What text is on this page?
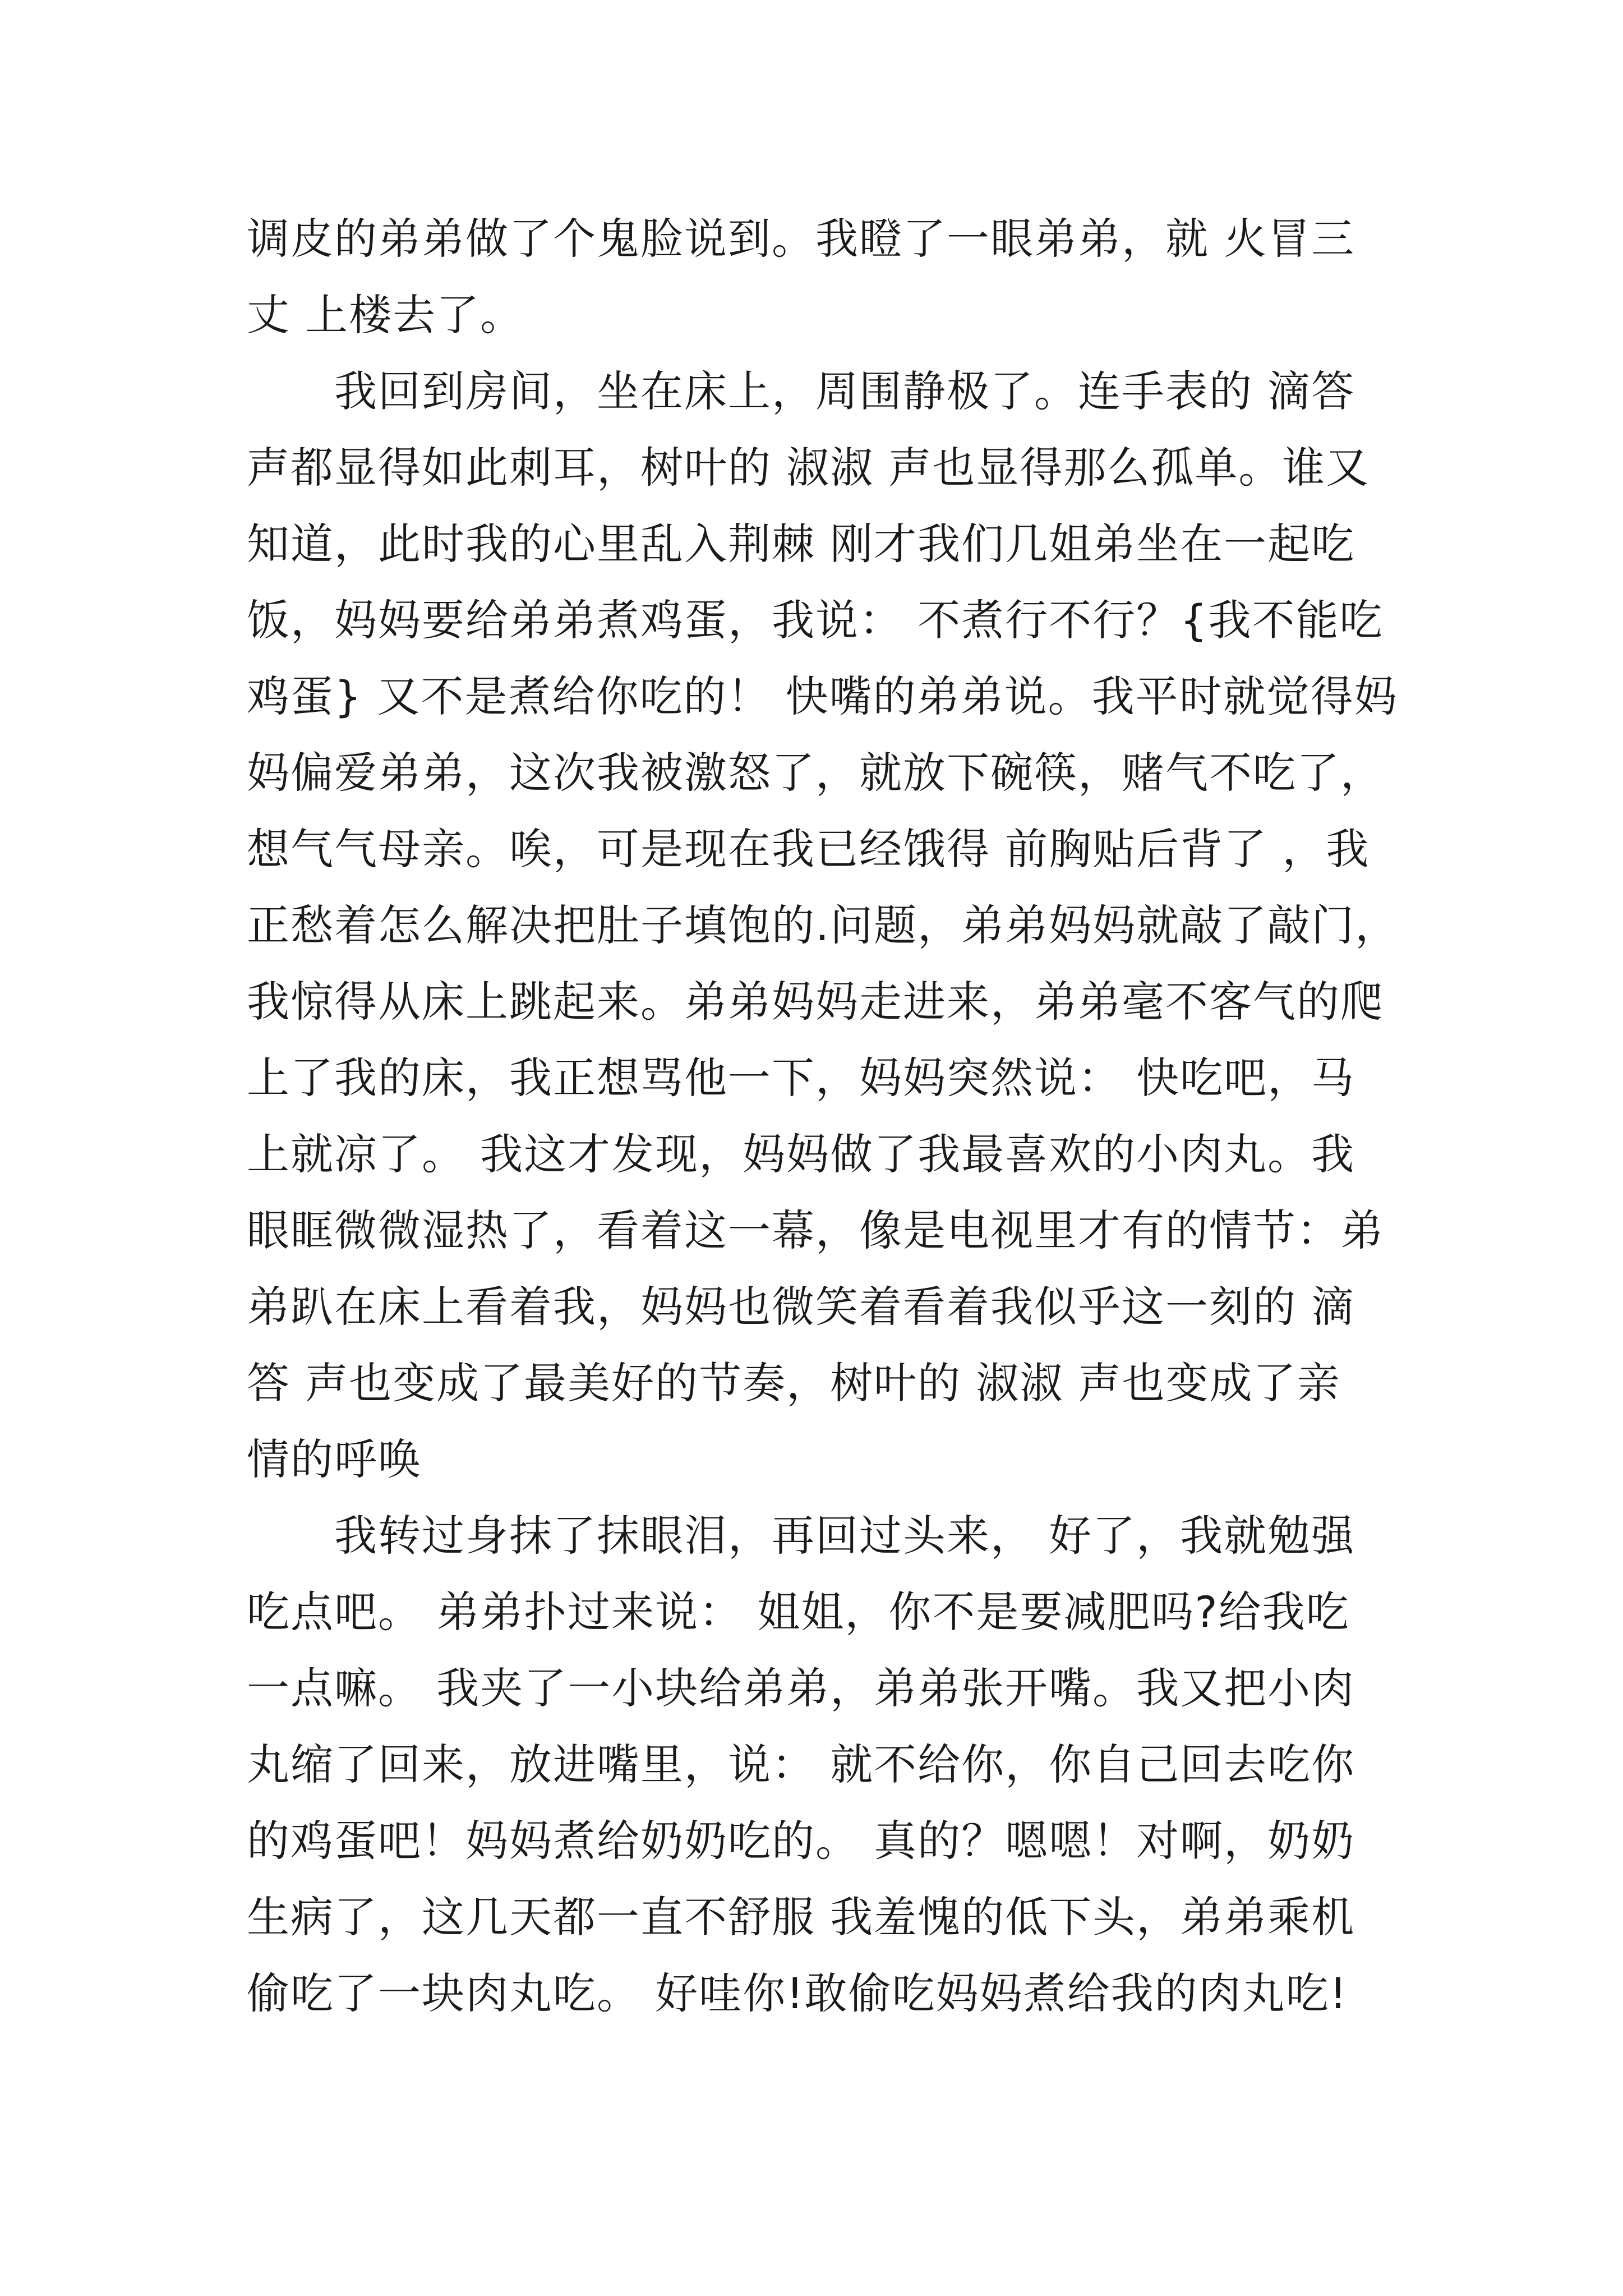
调皮的弟弟做了个鬼脸说到。我瞪了一眼弟弟，就 火冒三
丈 上楼去了。
　　我回到房间，坐在床上，周围静极了。连手表的 滴答
声都显得如此刺耳，树叶的 淑淑 声也显得那么孤单。谁又
知道，此时我的心里乱入荆棘 刚才我们几姐弟坐在一起吃
饭，妈妈要给弟弟煮鸡蛋，我说： 不煮行不行？{我不能吃
鸡蛋} 又不是煮给你吃的！ 快嘴的弟弟说。我平时就觉得妈
妈偏爱弟弟，这次我被激怒了，就放下碗筷，赌气不吃了，
想气气母亲。唉，可是现在我已经饿得 前胸贴后背了 ，我
正愁着怎么解决把肚子填饱的.问题，弟弟妈妈就敲了敲门，
我惊得从床上跳起来。弟弟妈妈走进来，弟弟毫不客气的爬
上了我的床，我正想骂他一下，妈妈突然说： 快吃吧，马
上就凉了。 我这才发现，妈妈做了我最喜欢的小肉丸。我
眼眶微微湿热了，看着这一幕，像是电视里才有的情节：弟
弟趴在床上看着我，妈妈也微笑着看着我似乎这一刻的 滴
答 声也变成了最美好的节奏，树叶的 淑淑 声也变成了亲
情的呼唤
　　我转过身抹了抹眼泪，再回过头来， 好了，我就勉强
吃点吧。 弟弟扑过来说： 姐姐，你不是要减肥吗?给我吃
一点嘛。 我夹了一小块给弟弟，弟弟张开嘴。我又把小肉
丸缩了回来，放进嘴里，说： 就不给你，你自己回去吃你
的鸡蛋吧！妈妈煮给奶奶吃的。 真的？嗯嗯！对啊，奶奶
生病了，这几天都一直不舒服 我羞愧的低下头，弟弟乘机
偷吃了一块肉丸吃。 好哇你!敢偷吃妈妈煮给我的肉丸吃!
